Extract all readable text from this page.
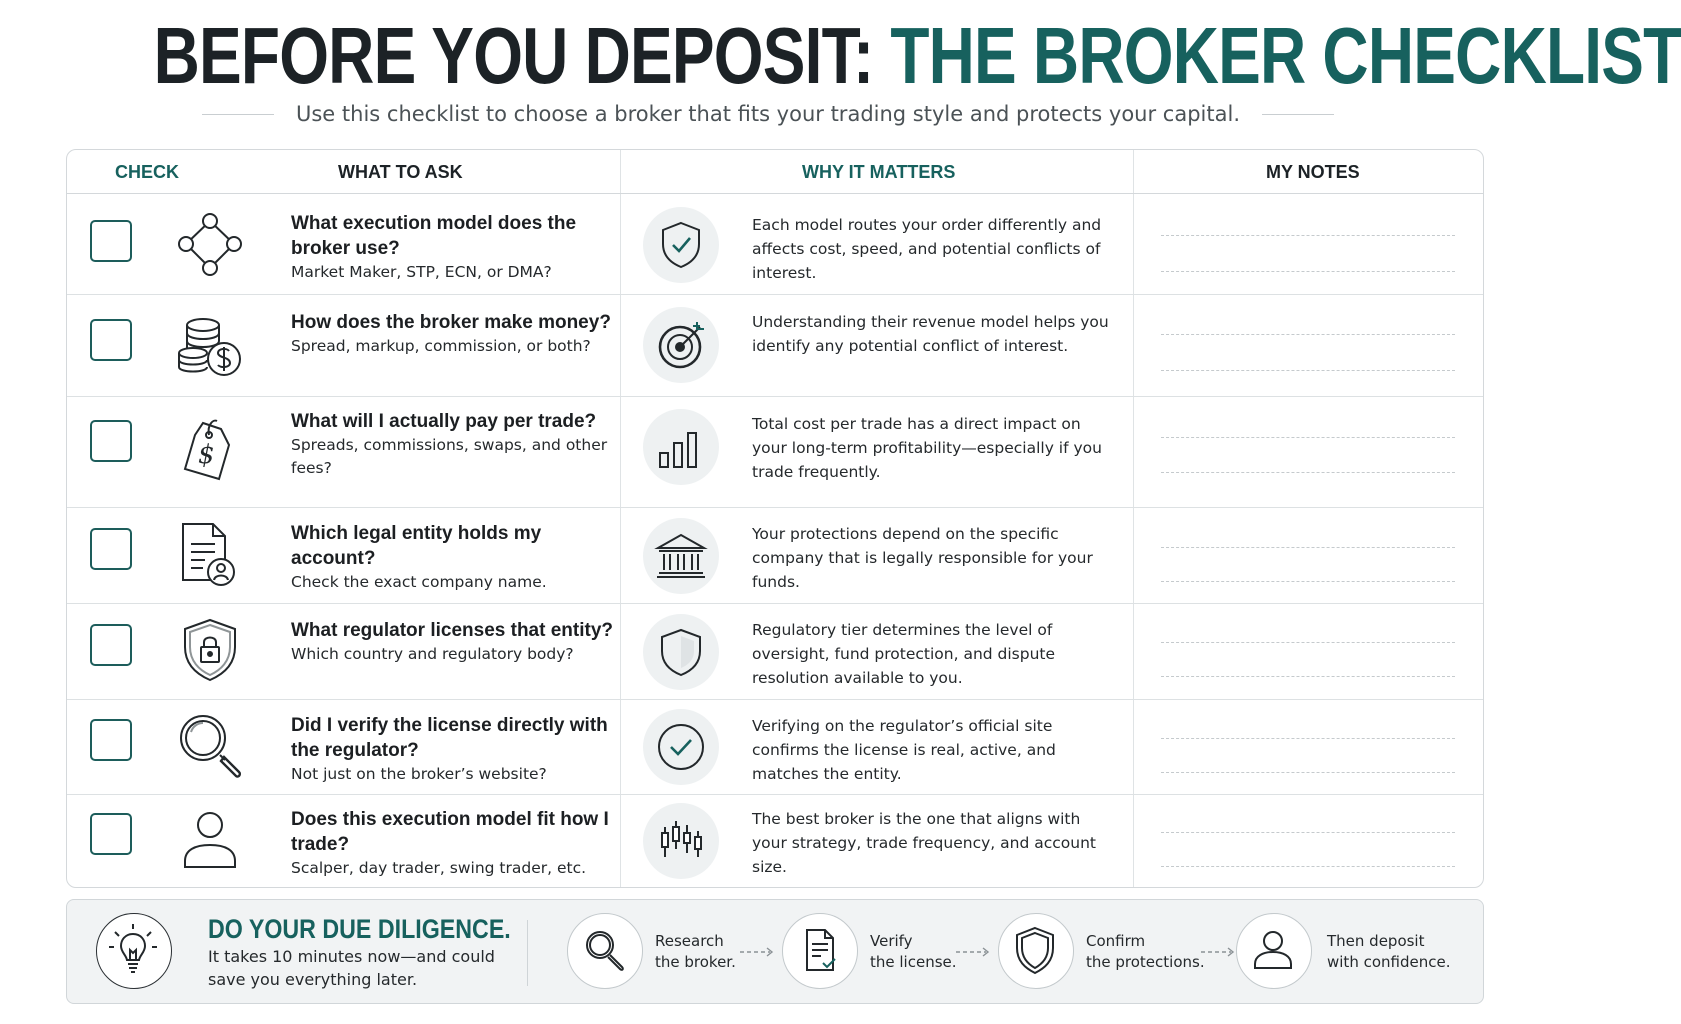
BEFORE YOU DEPOSIT: THE BROKER CHECKLIST
Use this checklist to choose a broker that fits your trading style and protects your capital.
CHECK	WHAT TO ASK	WHY IT MATTERS	MY NOTES
What execution model does the broker use?
Market Maker, STP, ECN, or DMA?
Each model routes your order differently and affects cost, speed, and potential conflicts of interest.
How does the broker make money?
Spread, markup, commission, or both?
Understanding their revenue model helps you identify any potential conflict of interest.
$
What will I actually pay per trade?
Spreads, commissions, swaps, and other fees?
Total cost per trade has a direct impact on your long-term profitability—especially if you trade frequently.
Which legal entity holds my account?
Check the exact company name.
Your protections depend on the specific company that is legally responsible for your funds.
What regulator licenses that entity?
Which country and regulatory body?
Regulatory tier determines the level of oversight, fund protection, and dispute resolution available to you.
Did I verify the license directly with the regulator?
Not just on the broker’s website?
Verifying on the regulator’s official site confirms the license is real, active, and matches the entity.
Does this execution model fit how I trade?
Scalper, day trader, swing trader, etc.
The best broker is the one that aligns with your strategy, trade frequency, and account size.
DO YOUR DUE DILIGENCE.
It takes 10 minutes now—and could save you everything later.
Research
the broker.
Verify
the license.
Confirm
the protections.
Then deposit
with confidence.
